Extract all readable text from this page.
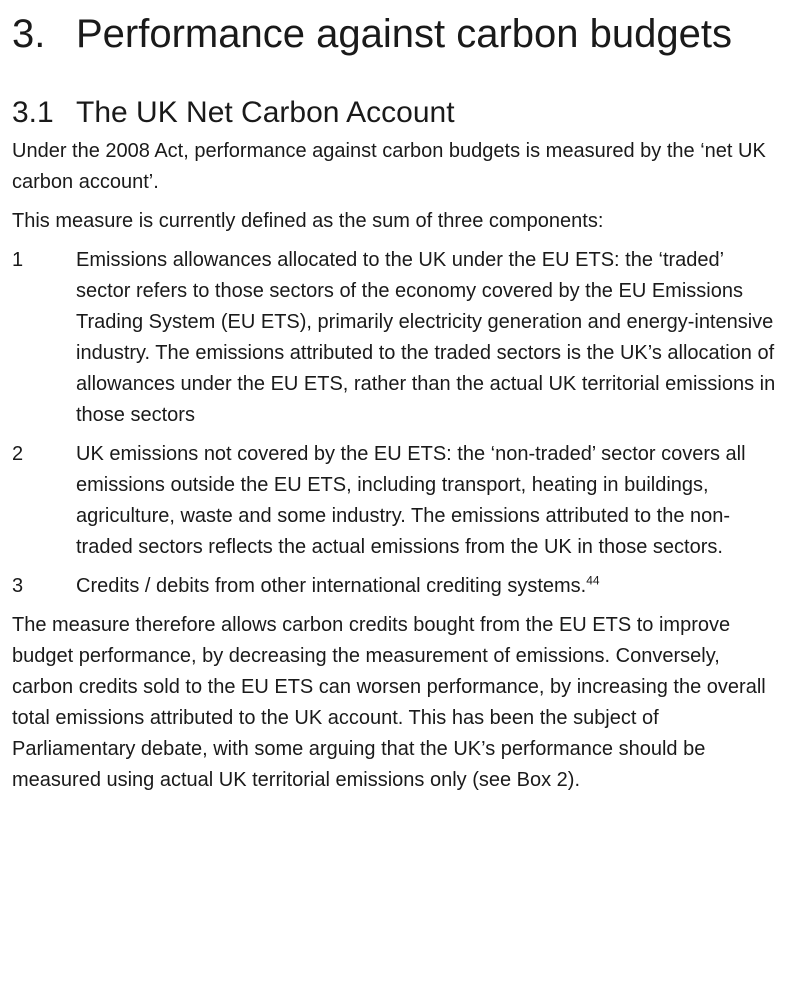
3. Performance against carbon budgets
3.1 The UK Net Carbon Account

Under the 2008 Act, performance against carbon budgets is measured by the ‘net UK carbon account’.

This measure is currently defined as the sum of three components:

1	Emissions allowances allocated to the UK under the EU ETS: the ‘traded’ sector refers to those sectors of the economy covered by the EU Emissions Trading System (EU ETS), primarily electricity generation and energy-intensive industry. The emissions attributed to the traded sectors is the UK’s allocation of allowances under the EU ETS, rather than the actual UK territorial emissions in those sectors
2	UK emissions not covered by the EU ETS: the ‘non-traded’ sector covers all emissions outside the EU ETS, including transport, heating in buildings, agriculture, waste and some industry. The emissions attributed to the non-traded sectors reflects the actual emissions from the UK in those sectors.
3	Credits / debits from other international crediting systems.$^{44}$

The measure therefore allows carbon credits bought from the EU ETS to improve budget performance, by decreasing the measurement of emissions. Conversely, carbon credits sold to the EU ETS can worsen performance, by increasing the overall total emissions attributed to the UK account. This has been the subject of Parliamentary debate, with some arguing that the UK’s performance should be measured using actual UK territorial emissions only (see Box 2).
